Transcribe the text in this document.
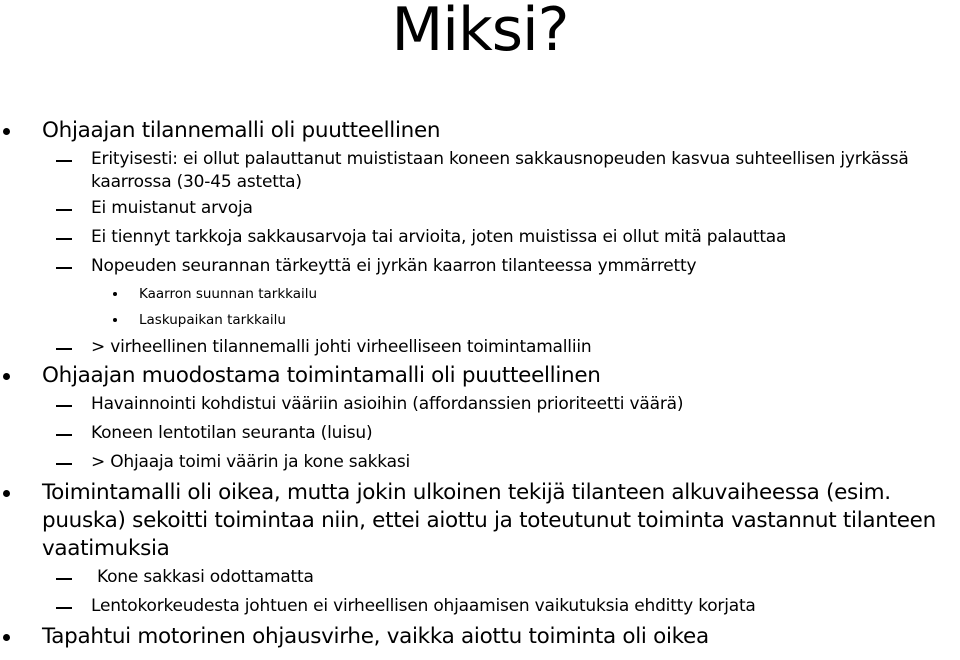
Miksi?
Ohjaajan tilannemalli oli puutteellinen
Erityisesti: ei ollut palauttanut muististaan koneen sakkausnopeuden kasvua suhteellisen jyrkässä kaarrossa (30-45 astetta)
Ei muistanut arvoja
Ei tiennyt tarkkoja sakkausarvoja tai arvioita, joten muistissa ei ollut mitä palauttaa
Nopeuden seurannan tärkeyttä ei jyrkän kaarron tilanteessa ymmärretty
Kaarron suunnan tarkkailu
Laskupaikan tarkkailu
> virheellinen tilannemalli johti virheelliseen toimintamalliin
Ohjaajan muodostama toimintamalli oli puutteellinen
Havainnointi kohdistui vääriin asioihin (affordanssien prioriteetti väärä)
Koneen lentotilan seuranta (luisu)
> Ohjaaja toimi väärin ja kone sakkasi
Toimintamalli oli oikea, mutta jokin ulkoinen tekijä tilanteen alkuvaiheessa (esim. puuska) sekoitti toimintaa niin, ettei aiottu ja toteutunut toiminta vastannut tilanteen vaatimuksia
Kone sakkasi odottamatta
Lentokorkeudesta johtuen ei virheellisen ohjaamisen vaikutuksia ehditty korjata
Tapahtui motorinen ohjausvirhe, vaikka aiottu toiminta oli oikea
